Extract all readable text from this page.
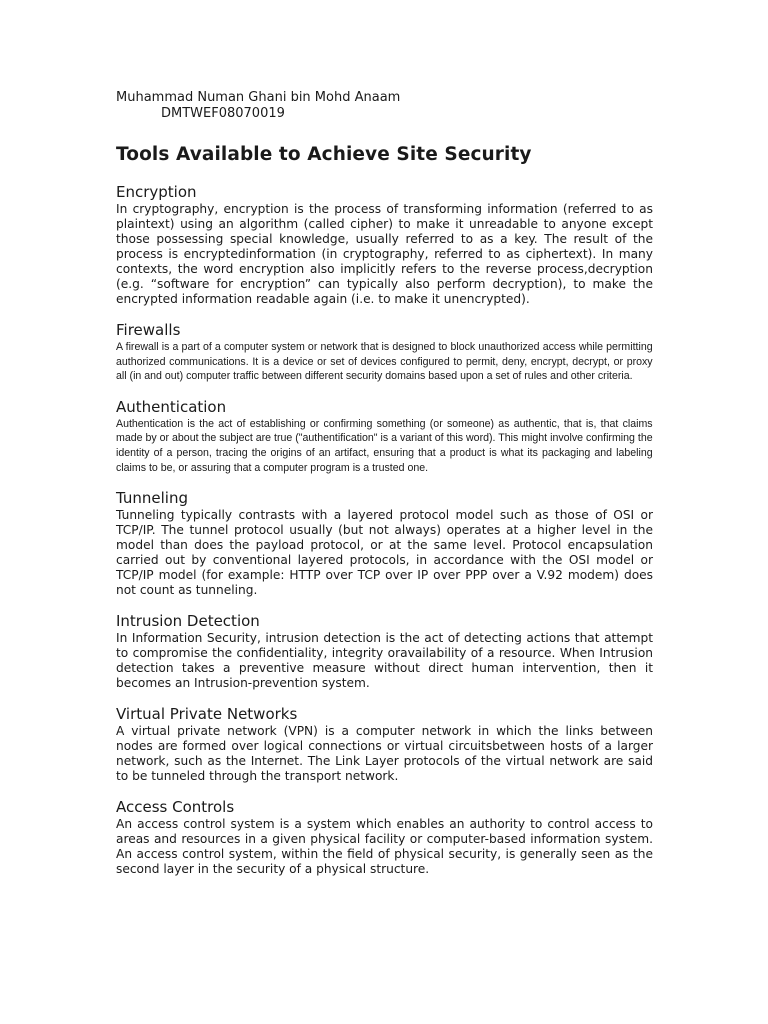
Muhammad Numan Ghani bin Mohd Anaam

DMTWEF08070019

Tools Available to Achieve Site Security
Encryption

In cryptography, encryption is the process of transforming information (referred to as plaintext) using an algorithm (called cipher) to make it unreadable to anyone except those possessing special knowledge, usually referred to as a key. The result of the process is encryptedinformation (in cryptography, referred to as ciphertext). In many contexts, the word encryption also implicitly refers to the reverse process,decryption (e.g. “software for encryption” can typically also perform decryption), to make the encrypted information readable again (i.e. to make it unencrypted).

Firewalls

A firewall is a part of a computer system or network that is designed to block unauthorized access while permitting authorized communications. It is a device or set of devices configured to permit, deny, encrypt, decrypt, or proxy all (in and out) computer traffic between different security domains based upon a set of rules and other criteria.

Authentication

Authentication is the act of establishing or confirming something (or someone) as authentic, that is, that claims made by or about the subject are true ("authentification" is a variant of this word). This might involve confirming the identity of a person, tracing the origins of an artifact, ensuring that a product is what its packaging and labeling claims to be, or assuring that a computer program is a trusted one.

Tunneling

Tunneling typically contrasts with a layered protocol model such as those of OSI or TCP/IP. The tunnel protocol usually (but not always) operates at a higher level in the model than does the payload protocol, or at the same level. Protocol encapsulation carried out by conventional layered protocols, in accordance with the OSI model or TCP/IP model (for example: HTTP over TCP over IP over PPP over a V.92 modem) does not count as tunneling.

Intrusion Detection

In Information Security, intrusion detection is the act of detecting actions that attempt to compromise the confidentiality, integrity oravailability of a resource. When Intrusion detection takes a preventive measure without direct human intervention, then it becomes an Intrusion-prevention system.

Virtual Private Networks

A virtual private network (VPN) is a computer network in which the links between nodes are formed over logical connections or virtual circuitsbetween hosts of a larger network, such as the Internet. The Link Layer protocols of the virtual network are said to be tunneled through the transport network.

Access Controls

An access control system is a system which enables an authority to control access to areas and resources in a given physical facility or computer-based information system. An access control system, within the field of physical security, is generally seen as the second layer in the security of a physical structure.
